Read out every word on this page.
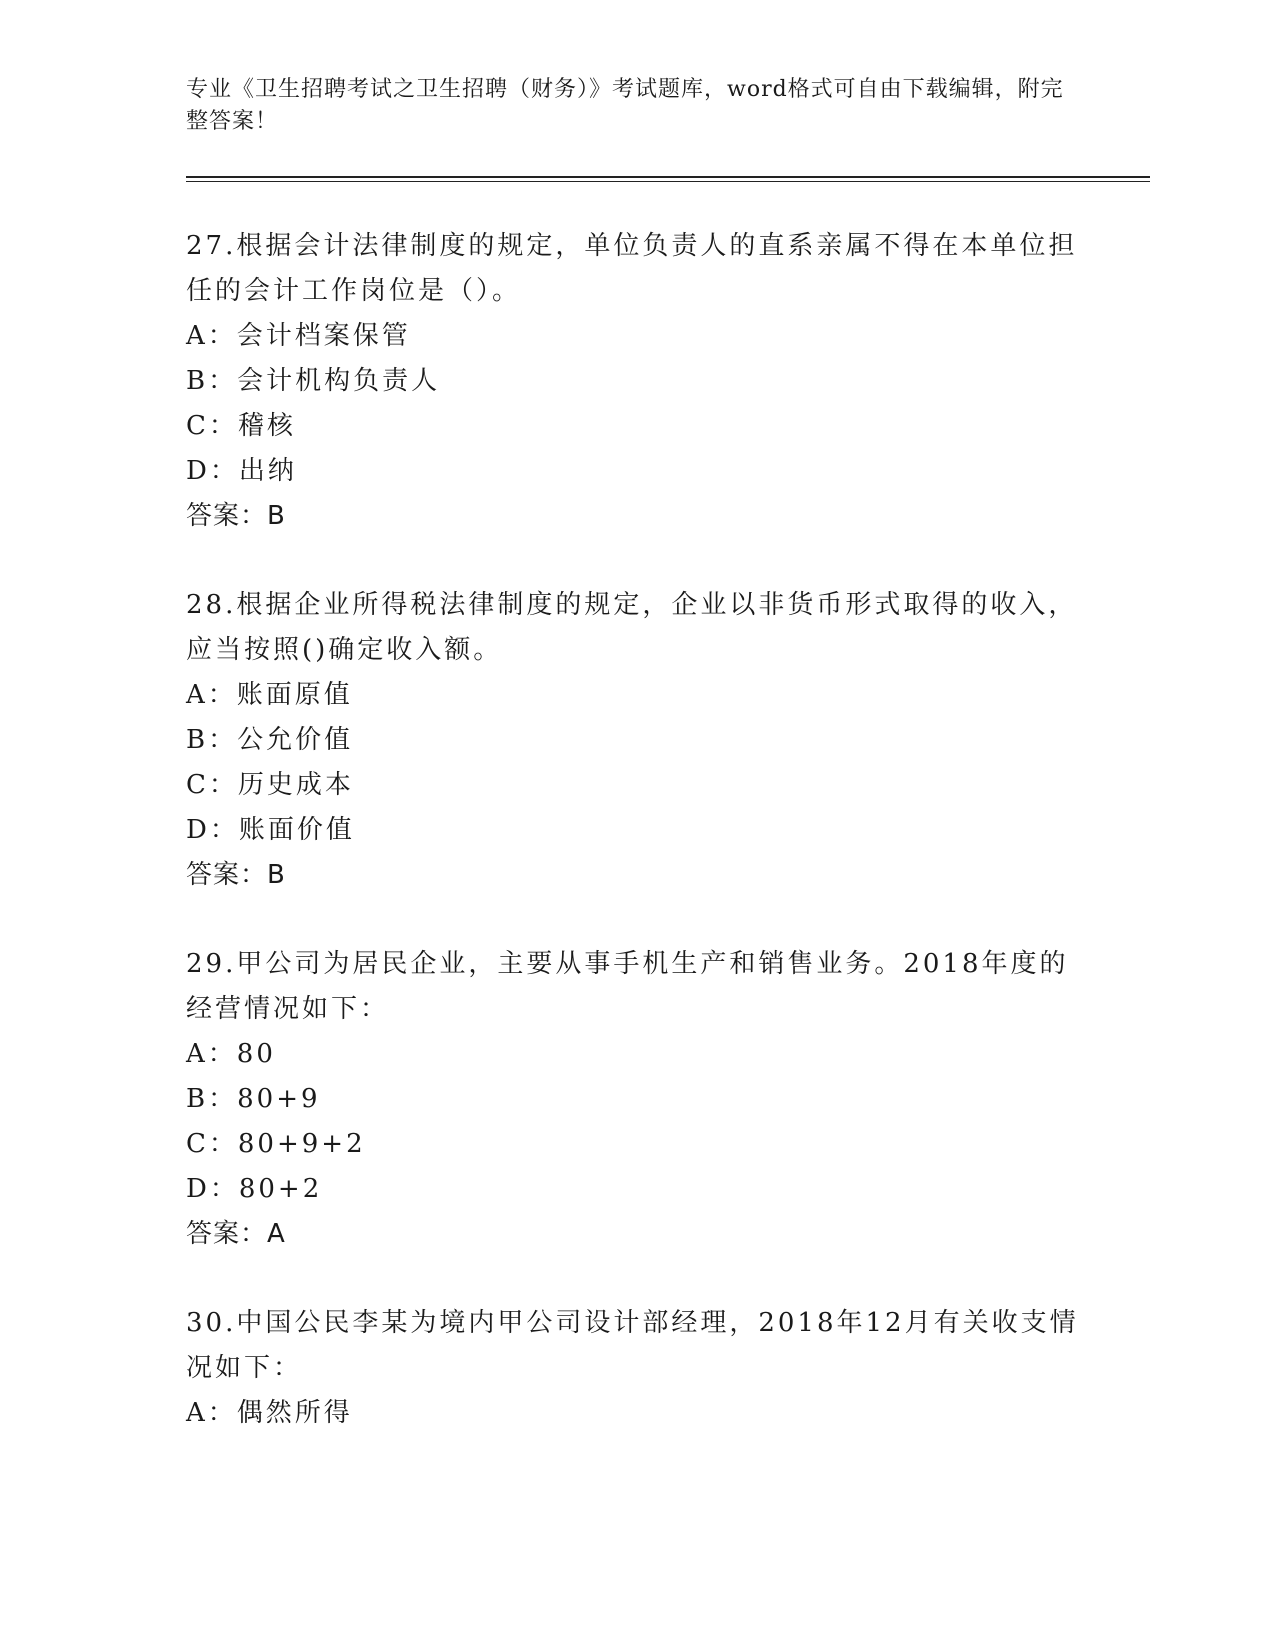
专业《卫生招聘考试之卫生招聘（财务）》考试题库，word格式可自由下载编辑，附完整答案！

27.根据会计法律制度的规定，单位负责人的直系亲属不得在本单位担任的会计工作岗位是（）。

A：会计档案保管

B：会计机构负责人

C：稽核

D：出纳

答案：B

28.根据企业所得税法律制度的规定，企业以非货币形式取得的收入，应当按照()确定收入额。

A：账面原值

B：公允价值

C：历史成本

D：账面价值

答案：B

29.甲公司为居民企业，主要从事手机生产和销售业务。2018年度的经营情况如下：

A：80

B：80+9

C：80+9+2

D：80+2

答案：A

30.中国公民李某为境内甲公司设计部经理，2018年12月有关收支情况如下：

A：偶然所得
